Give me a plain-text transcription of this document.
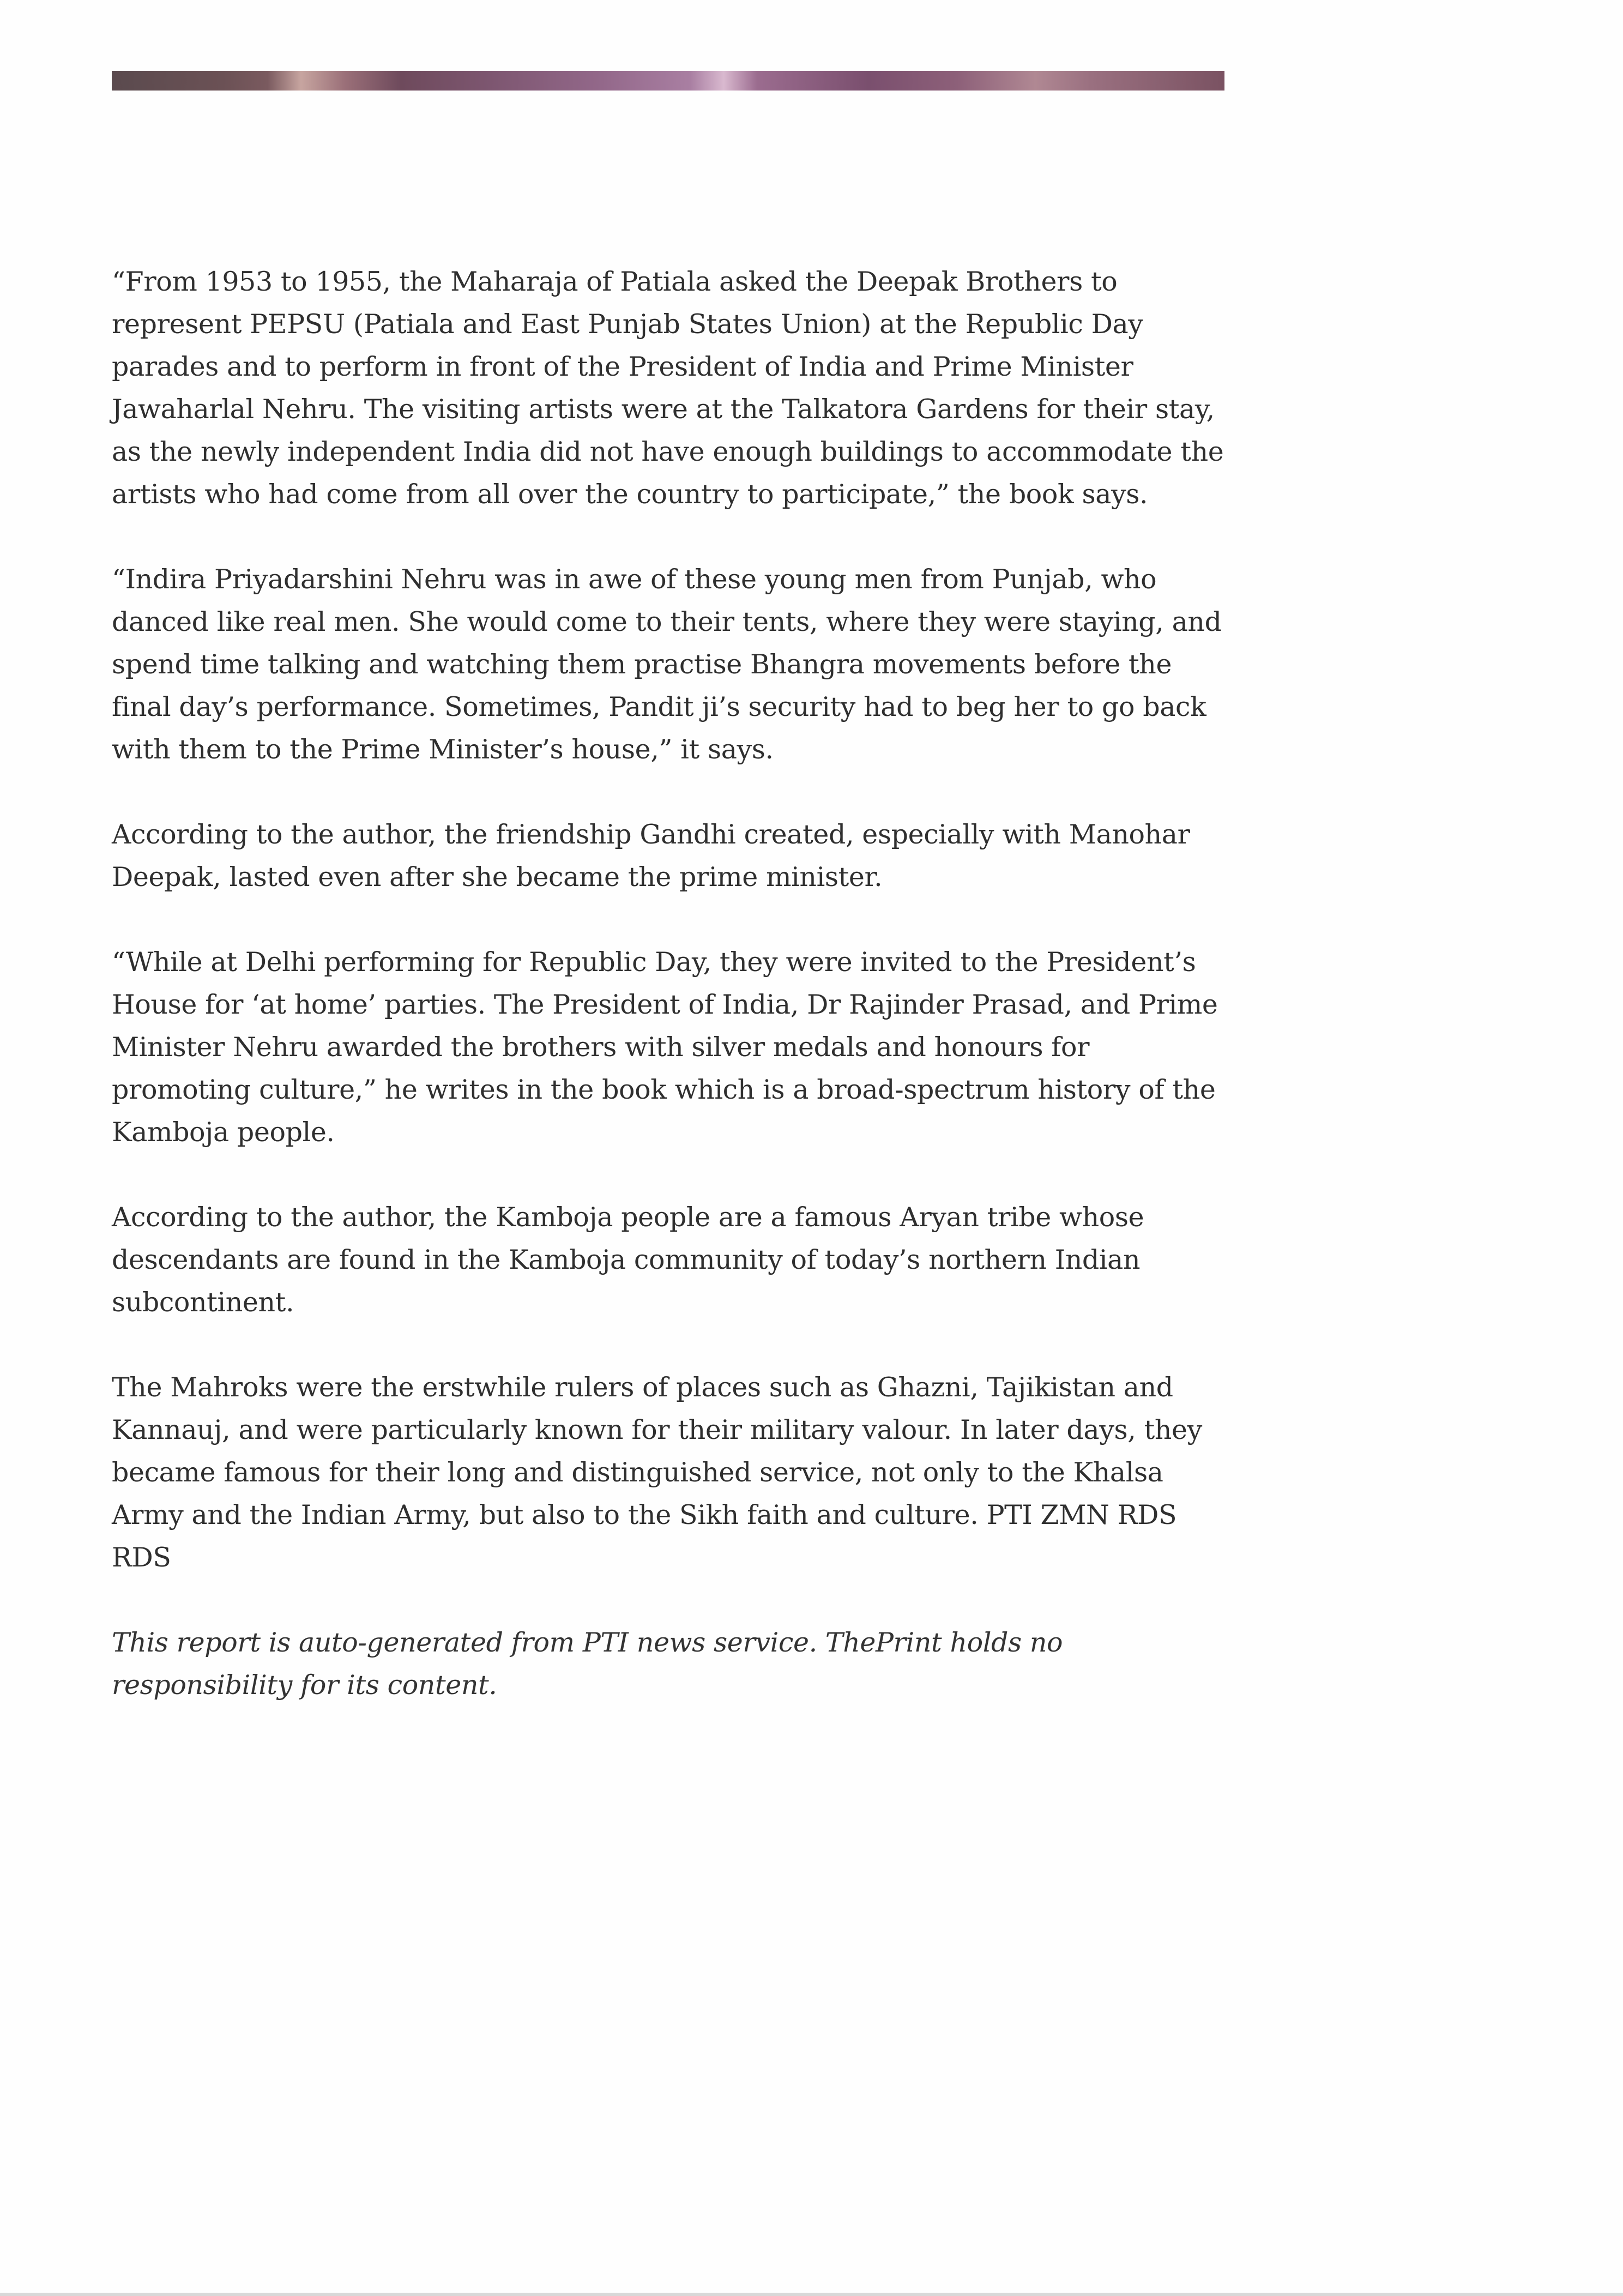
“From 1953 to 1955, the Maharaja of Patiala asked the Deepak Brothers to represent PEPSU (Patiala and East Punjab States Union) at the Republic Day parades and to perform in front of the President of India and Prime Minister Jawaharlal Nehru. The visiting artists were at the Talkatora Gardens for their stay, as the newly independent India did not have enough buildings to accommodate the artists who had come from all over the country to participate,” the book says.

“Indira Priyadarshini Nehru was in awe of these young men from Punjab, who danced like real men. She would come to their tents, where they were staying, and spend time talking and watching them practise Bhangra movements before the final day’s performance. Sometimes, Pandit ji’s security had to beg her to go back with them to the Prime Minister’s house,” it says.

According to the author, the friendship Gandhi created, especially with Manohar Deepak, lasted even after she became the prime minister.

“While at Delhi performing for Republic Day, they were invited to the President’s House for ‘at home’ parties. The President of India, Dr Rajinder Prasad, and Prime Minister Nehru awarded the brothers with silver medals and honours for promoting culture,” he writes in the book which is a broad-spectrum history of the Kamboja people.

According to the author, the Kamboja people are a famous Aryan tribe whose descendants are found in the Kamboja community of today’s northern Indian subcontinent.

The Mahroks were the erstwhile rulers of places such as Ghazni, Tajikistan and Kannauj, and were particularly known for their military valour. In later days, they became famous for their long and distinguished service, not only to the Khalsa Army and the Indian Army, but also to the Sikh faith and culture. PTI ZMN RDS RDS

This report is auto-generated from PTI news service. ThePrint holds no responsibility for its content.
